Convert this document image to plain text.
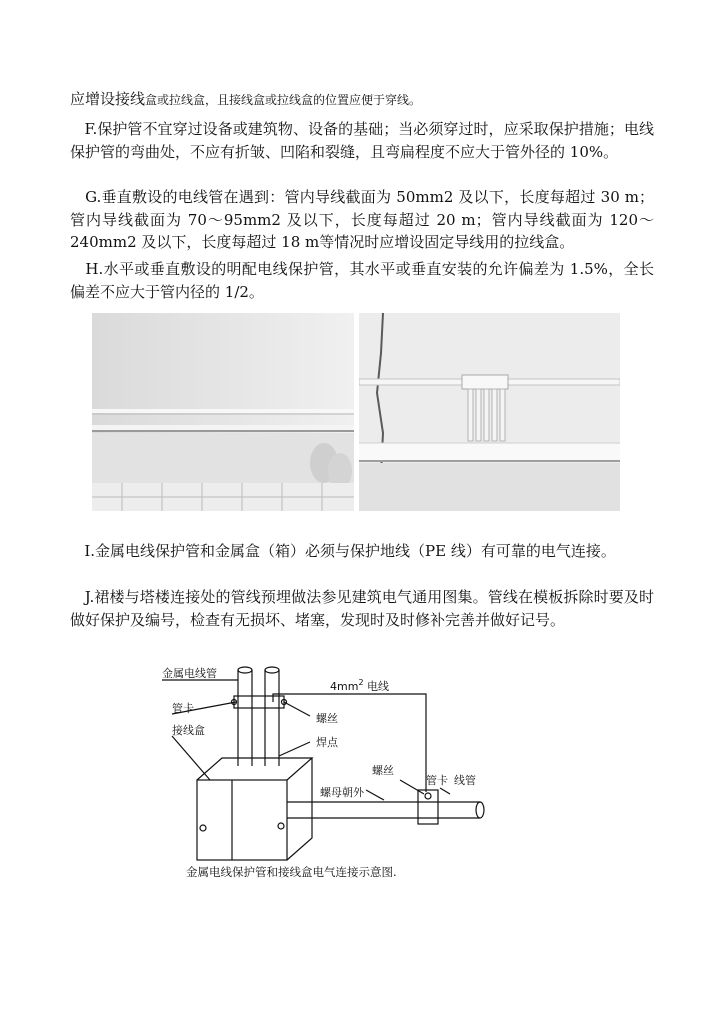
应增设接线盒或拉线盒，且接线盒或拉线盒的位置应便于穿线。

F.保护管不宜穿过设备或建筑物、设备的基础；当必须穿过时，应采取保护措施；电线保护管的弯曲处，不应有折皱、凹陷和裂缝，且弯扁程度不应大于管外径的 10%。

G.垂直敷设的电线管在遇到：管内导线截面为 50mm2 及以下，长度每超过 30 m；管内导线截面为 70～95mm2 及以下，长度每超过 20 m；管内导线截面为 120～240mm2 及以下，长度每超过 18 m等情况时应增设固定导线用的拉线盒。

H.水平或垂直敷设的明配电线保护管，其水平或垂直安装的允许偏差为 1.5%，全长偏差不应大于管内径的 1/2。

I.金属电线保护管和金属盒（箱）必须与保护地线（PE 线）有可靠的电气连接。

J.裙楼与塔楼连接处的管线预埋做法参见建筑电气通用图集。管线在模板拆除时要及时做好保护及编号，检查有无损坏、堵塞，发现时及时修补完善并做好记号。

金属电线管
管卡
接线盒
$4mm^2$ 电线
螺丝
焊点
螺丝
螺母朝外
管卡 线管
金属电线保护管和接线盒电气连接示意图.
